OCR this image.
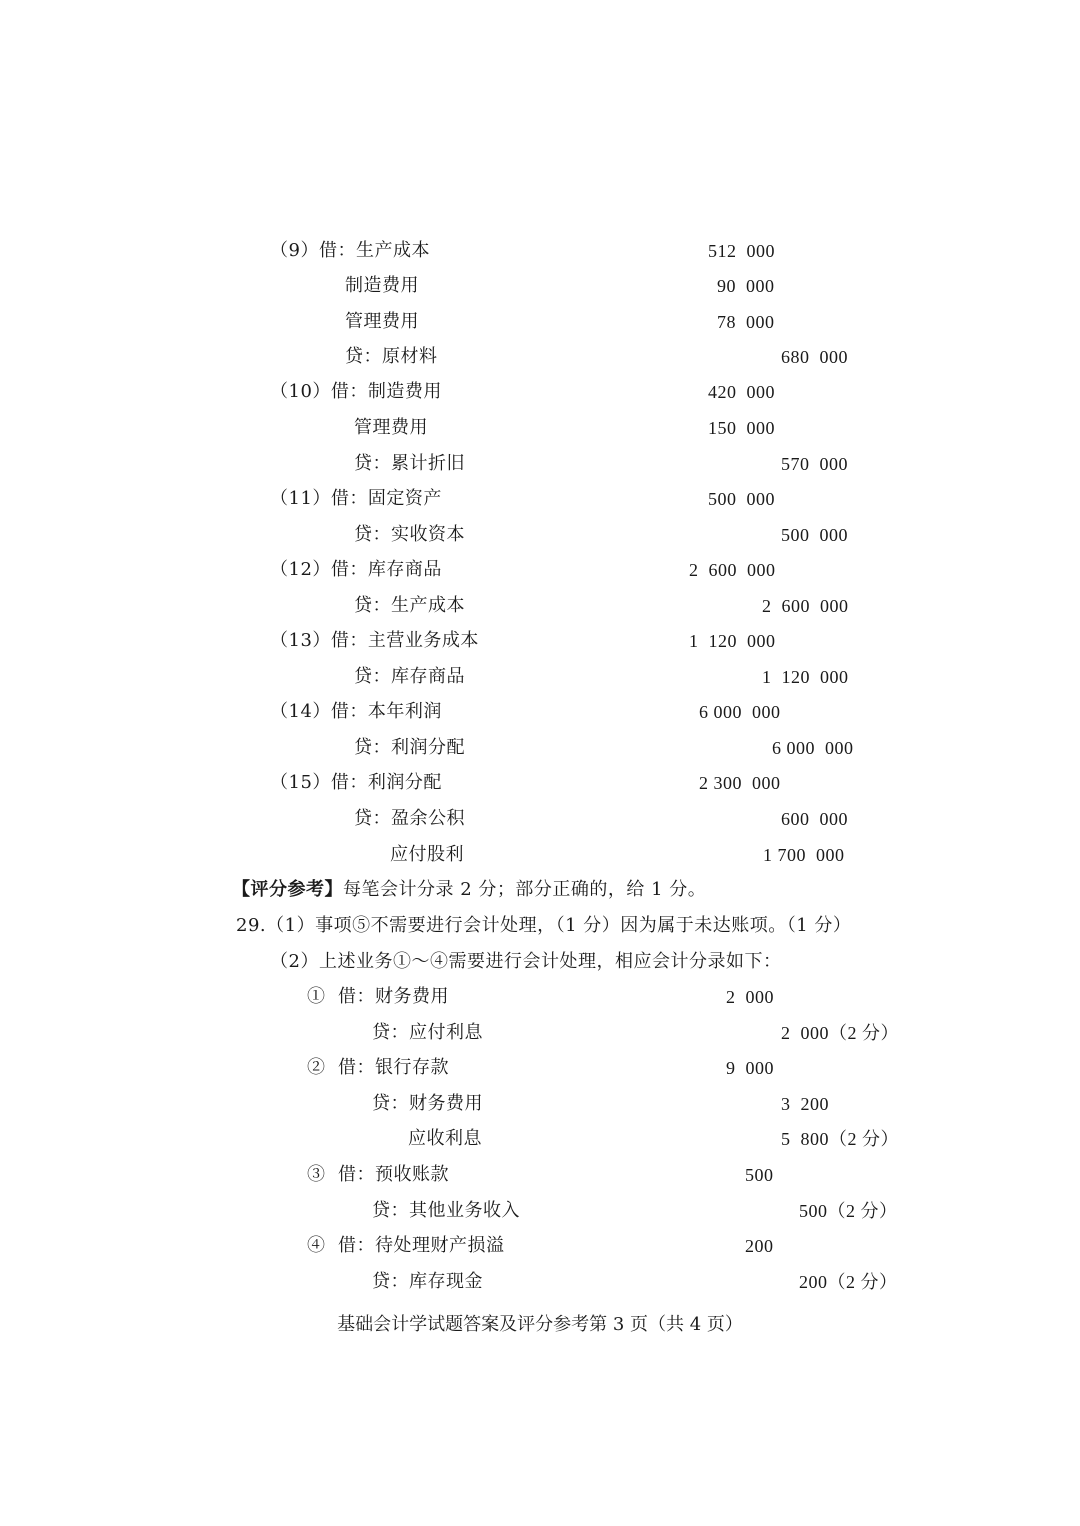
（9）借：生产成本	512  000
制造费用	90  000
管理费用	78  000
贷：原材料	680  000
（10）借：制造费用	420  000
管理费用	150  000
贷：累计折旧	570  000
（11）借：固定资产	500  000
贷：实收资本	500  000
（12）借：库存商品	2  600  000
贷：生产成本	2  600  000
（13）借：主营业务成本	1  120  000
贷：库存商品	1  120  000
（14）借：本年利润	6 000  000
贷：利润分配	6 000  000
（15）借：利润分配	2 300  000
贷：盈余公积	600  000
应付股利	1 700  000
【评分参考】每笔会计分录 2 分；部分正确的，给 1 分。
29.（1）事项⑤不需要进行会计处理，（1 分）因为属于未达账项。（1 分）
（2）上述业务①～④需要进行会计处理，相应会计分录如下：
①  借：财务费用	2  000
贷：应付利息	2  000（2 分）
②  借：银行存款	9  000
贷：财务费用	3  200
应收利息	5  800（2 分）
③  借：预收账款	500
贷：其他业务收入	500（2 分）
④  借：待处理财产损溢	200
贷：库存现金	200（2 分）
基础会计学试题答案及评分参考第 3 页（共 4 页）
